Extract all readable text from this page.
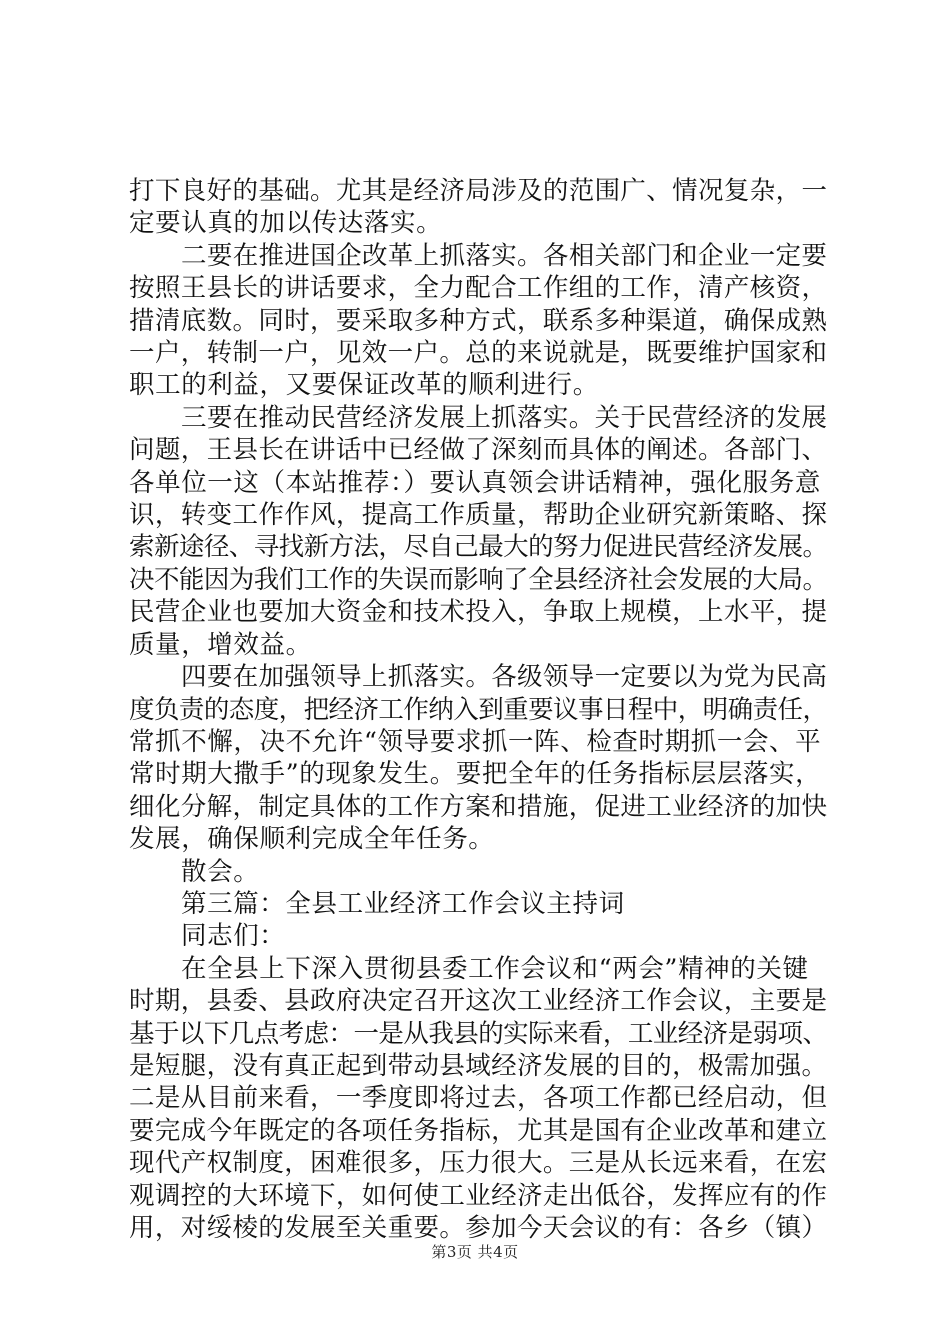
打下良好的基础。尤其是经济局涉及的范围广、情况复杂，一
定要认真的加以传达落实。
二要在推进国企改革上抓落实。各相关部门和企业一定要
按照王县长的讲话要求，全力配合工作组的工作，清产核资，
措清底数。同时，要采取多种方式，联系多种渠道，确保成熟
一户，转制一户，见效一户。总的来说就是，既要维护国家和
职工的利益，又要保证改革的顺利进行。
三要在推动民营经济发展上抓落实。关于民营经济的发展
问题，王县长在讲话中已经做了深刻而具体的阐述。各部门、
各单位一这（本站推荐：）要认真领会讲话精神，强化服务意
识，转变工作作风，提高工作质量，帮助企业研究新策略、探
索新途径、寻找新方法，尽自己最大的努力促进民营经济发展。
决不能因为我们工作的失误而影响了全县经济社会发展的大局。
民营企业也要加大资金和技术投入，争取上规模，上水平，提
质量，增效益。
四要在加强领导上抓落实。各级领导一定要以为党为民高
度负责的态度，把经济工作纳入到重要议事日程中，明确责任，
常抓不懈，决不允许“领导要求抓一阵、检查时期抓一会、平
常时期大撒手”的现象发生。要把全年的任务指标层层落实，
细化分解，制定具体的工作方案和措施，促进工业经济的加快
发展，确保顺利完成全年任务。
散会。
第三篇：全县工业经济工作会议主持词
同志们：
在全县上下深入贯彻县委工作会议和“两会”精神的关键
时期，县委、县政府决定召开这次工业经济工作会议，主要是
基于以下几点考虑：一是从我县的实际来看，工业经济是弱项、
是短腿，没有真正起到带动县域经济发展的目的，极需加强。
二是从目前来看，一季度即将过去，各项工作都已经启动，但
要完成今年既定的各项任务指标，尤其是国有企业改革和建立
现代产权制度，困难很多，压力很大。三是从长远来看，在宏
观调控的大环境下，如何使工业经济走出低谷，发挥应有的作
用，对绥棱的发展至关重要。参加今天会议的有：各乡（镇）
第3页 共4页
